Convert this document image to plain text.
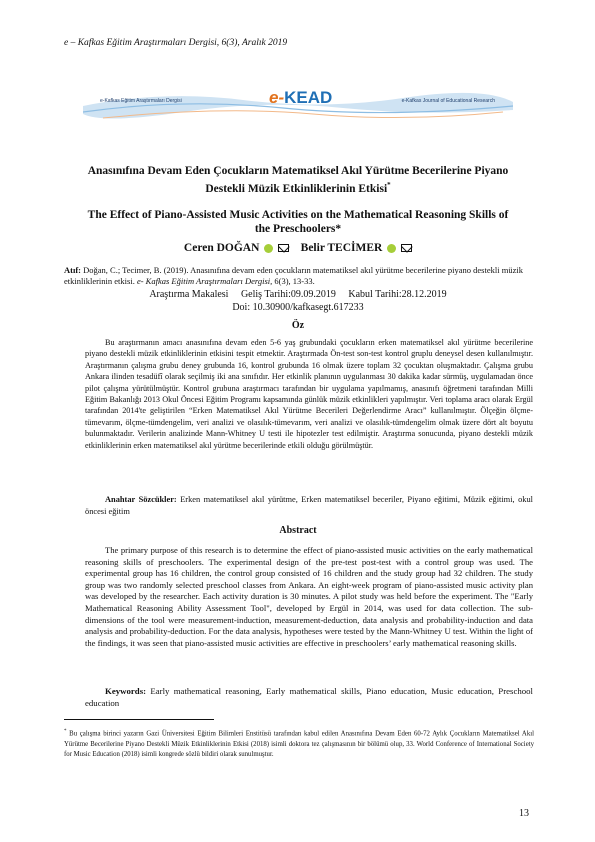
e – Kafkas Eğitim Araştırmaları Dergisi, 6(3), Aralık 2019
e-Kafkas Eğitim Araştırmaları Dergisi	e-KEAD	e-Kafkas Journal of Educational Research
Anasınıfına Devam Eden Çocukların Matematiksel Akıl Yürütme Becerilerine Piyano Destekli Müzik Etkinliklerinin Etkisi*
The Effect of Piano-Assisted Music Activities on the Mathematical Reasoning Skills of the Preschoolers*
Ceren DOĞAN	Belir TECİMER
Atıf: Doğan, C.; Tecimer, B. (2019). Anasınıfına devam eden çocukların matematiksel akıl yürütme becerilerine piyano destekli müzik etkinliklerinin etkisi. e- Kafkas Eğitim Araştırmaları Dergisi, 6(3), 13-33.
Araştırma Makalesi     Geliş Tarihi:09.09.2019     Kabul Tarihi:28.12.2019
Doi: 10.30900/kafkasegt.617233
Öz
Bu araştırmanın amacı anasınıfına devam eden 5-6 yaş grubundaki çocukların erken matematiksel akıl yürütme becerilerine piyano destekli müzik etkinliklerinin etkisini tespit etmektir. Araştırmada Ön-test son-test kontrol gruplu deneysel desen kullanılmıştır. Araştırmanın çalışma grubu deney grubunda 16, kontrol grubunda 16 olmak üzere toplam 32 çocuktan oluşmaktadır. Çalışma grubu Ankara ilinden tesadüfî olarak seçilmiş iki ana sınıfıdır. Her etkinlik planının uygulanması 30 dakika kadar sürmüş, uygulamadan önce pilot çalışma yürütülmüştür. Kontrol grubuna araştırmacı tarafından bir uygulama yapılmamış, anasınıfı öğretmeni tarafından Milli Eğitim Bakanlığı 2013 Okul Öncesi Eğitim Programı kapsamında günlük müzik etkinlikleri yapılmıştır. Veri toplama aracı olarak Ergül tarafından 2014'te geliştirilen “Erken Matematiksel Akıl Yürütme Becerileri Değerlendirme Aracı” kullanılmıştır. Ölçeğin ölçme-tümevarım, ölçme-tümdengelim, veri analizi ve olasılık-tümevarım, veri analizi ve olasılık-tümdengelim olmak üzere dört alt boyutu bulunmaktadır. Verilerin analizinde Mann-Whitney U testi ile hipotezler test edilmiştir. Araştırma sonucunda, piyano destekli müzik etkinliklerinin erken matematiksel akıl yürütme becerilerinde etkili olduğu görülmüştür.
Anahtar Sözcükler: Erken matematiksel akıl yürütme, Erken matematiksel beceriler, Piyano eğitimi, Müzik eğitimi, okul öncesi eğitim
Abstract
The primary purpose of this research is to determine the effect of piano-assisted music activities on the early mathematical reasoning skills of preschoolers. The experimental design of the pre-test post-test with a control group was used. The experimental group has 16 children, the control group consisted of 16 children and the study group had 32 children. The study group was two randomly selected preschool classes from Ankara. An eight-week program of piano-assisted music activity plan was developed by the researcher. Each activity duration is 30 minutes. A pilot study was held before the experiment. The "Early Mathematical Reasoning Ability Assessment Tool", developed by Ergül in 2014, was used for data collection. The sub-dimensions of the tool were measurement-induction, measurement-deduction, data analysis and probability-induction and data analysis and probability-deduction. For the data analysis, hypotheses were tested by the Mann-Whitney U test. Within the light of the findings, it was seen that piano-assisted music activities are effective in preschoolers’ early mathematical reasoning skills.
Keywords: Early mathematical reasoning, Early mathematical skills, Piano education, Music education, Preschool education
* Bu çalışma birinci yazarın Gazi Üniversitesi Eğitim Bilimleri Enstitüsü tarafından kabul edilen Anasınıfına Devam Eden 60-72 Aylık Çocukların Matematiksel Akıl Yürütme Becerilerine Piyano Destekli Müzik Etkinliklerinin Etkisi (2018) isimli doktora tez çalışmasının bir bölümü olup, 33. World Conference of International Society for Music Education (2018) isimli kongrede sözlü bildiri olarak sunulmuştur.
13
